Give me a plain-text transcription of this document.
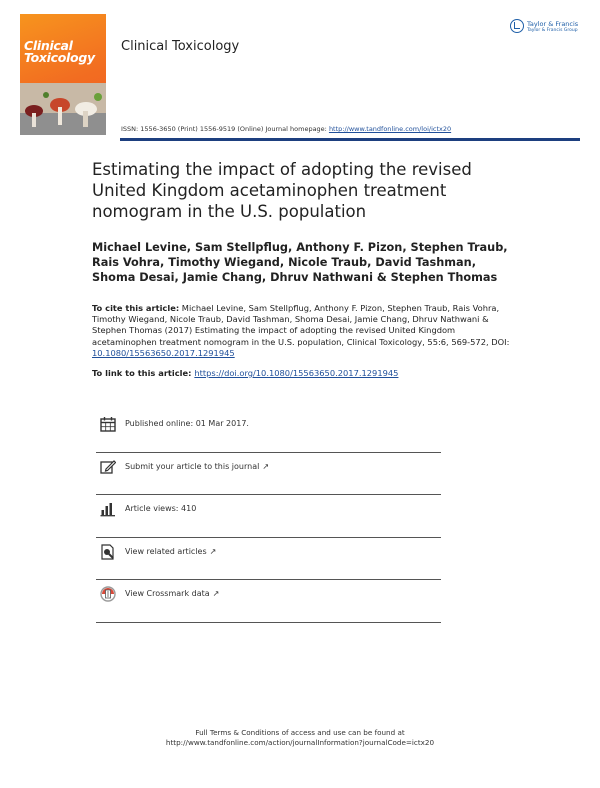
Clinical
Toxicology
Clinical Toxicology
Taylor & Francis
Taylor & Francis Group
ISSN: 1556-3650 (Print) 1556-9519 (Online) Journal homepage: http://www.tandfonline.com/loi/ictx20
Estimating the impact of adopting the revised United Kingdom acetaminophen treatment nomogram in the U.S. population
Michael Levine, Sam Stellpflug, Anthony F. Pizon, Stephen Traub, Rais Vohra, Timothy Wiegand, Nicole Traub, David Tashman, Shoma Desai, Jamie Chang, Dhruv Nathwani & Stephen Thomas
To cite this article: Michael Levine, Sam Stellpflug, Anthony F. Pizon, Stephen Traub, Rais Vohra, Timothy Wiegand, Nicole Traub, David Tashman, Shoma Desai, Jamie Chang, Dhruv Nathwani & Stephen Thomas (2017) Estimating the impact of adopting the revised United Kingdom acetaminophen treatment nomogram in the U.S. population, Clinical Toxicology, 55:6, 569-572, DOI: 10.1080/15563650.2017.1291945
To link to this article: https://doi.org/10.1080/15563650.2017.1291945
Published online: 01 Mar 2017.
Submit your article to this journal ↗
Article views: 410
View related articles ↗
View Crossmark data ↗
Full Terms & Conditions of access and use can be found at
http://www.tandfonline.com/action/journalInformation?journalCode=ictx20
